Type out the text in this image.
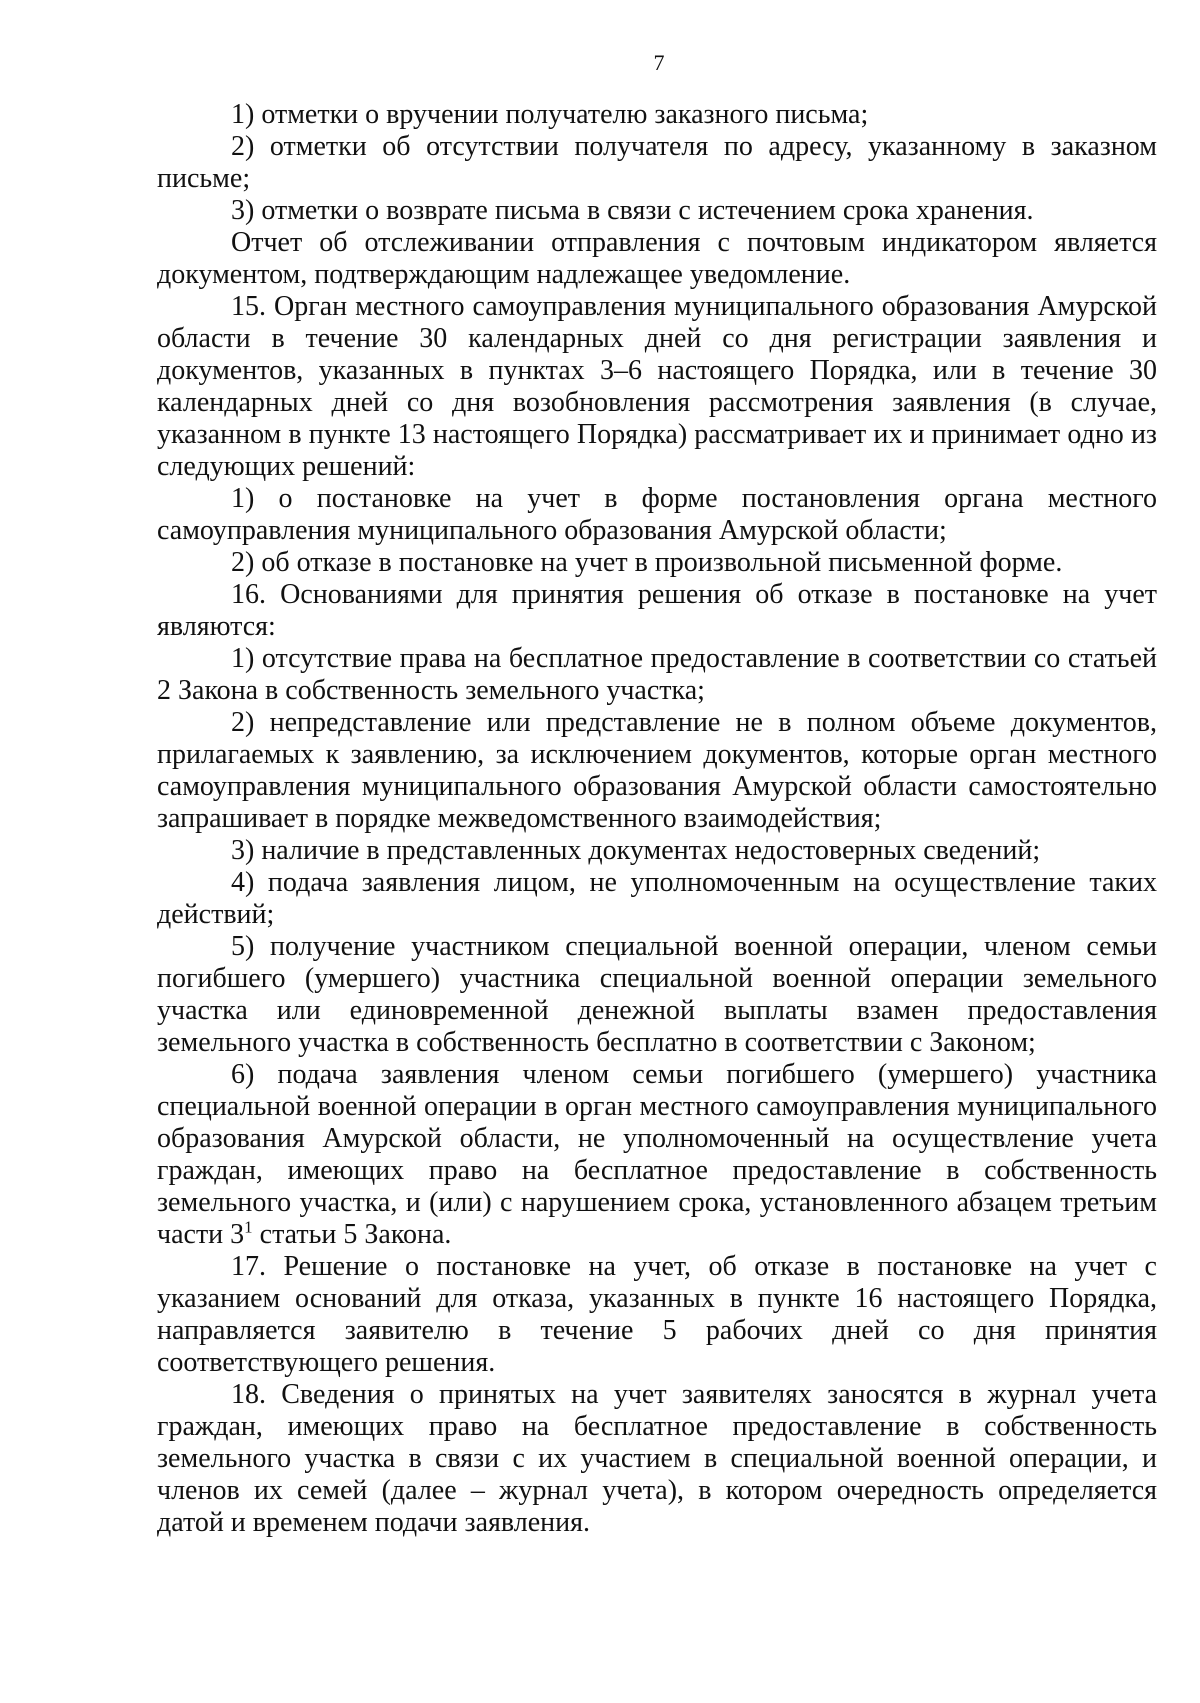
7

1) отметки о вручении получателю заказного письма;

2) отметки об отсутствии получателя по адресу, указанному в заказном письме;

3) отметки о возврате письма в связи с истечением срока хранения.

Отчет об отслеживании отправления с почтовым индикатором является документом, подтверждающим надлежащее уведомление.

15. Орган местного самоуправления муниципального образования Амурской области в течение 30 календарных дней со дня регистрации заявления и документов, указанных в пунктах 3–6 настоящего Порядка, или в течение 30 календарных дней со дня возобновления рассмотрения заявления (в случае, указанном в пункте 13 настоящего Порядка) рассматривает их и принимает одно из следующих решений:

1) о постановке на учет в форме постановления органа местного самоуправления муниципального образования Амурской области;

2) об отказе в постановке на учет в произвольной письменной форме.

16. Основаниями для принятия решения об отказе в постановке на учет являются:

1) отсутствие права на бесплатное предоставление в соответствии со статьей 2 Закона в собственность земельного участка;

2) непредставление или представление не в полном объеме документов, прилагаемых к заявлению, за исключением документов, которые орган местного самоуправления муниципального образования Амурской области самостоятельно запрашивает в порядке межведомственного взаимодействия;

3) наличие в представленных документах недостоверных сведений;

4) подача заявления лицом, не уполномоченным на осуществление таких действий;

5) получение участником специальной военной операции, членом семьи погибшего (умершего) участника специальной военной операции земельного участка или единовременной денежной выплаты взамен предоставления земельного участка в собственность бесплатно в соответствии с Законом;

6) подача заявления членом семьи погибшего (умершего) участника специальной военной операции в орган местного самоуправления муниципального образования Амурской области, не уполномоченный на осуществление учета граждан, имеющих право на бесплатное предоставление в собственность земельного участка, и (или) с нарушением срока, установленного абзацем третьим части $3^1$ статьи 5 Закона.

17. Решение о постановке на учет, об отказе в постановке на учет с указанием оснований для отказа, указанных в пункте 16 настоящего Порядка, направляется заявителю в течение 5 рабочих дней со дня принятия соответствующего решения.

18. Сведения о принятых на учет заявителях заносятся в журнал учета граждан, имеющих право на бесплатное предоставление в собственность земельного участка в связи с их участием в специальной военной операции, и членов их семей (далее – журнал учета), в котором очередность определяется датой и временем подачи заявления.
